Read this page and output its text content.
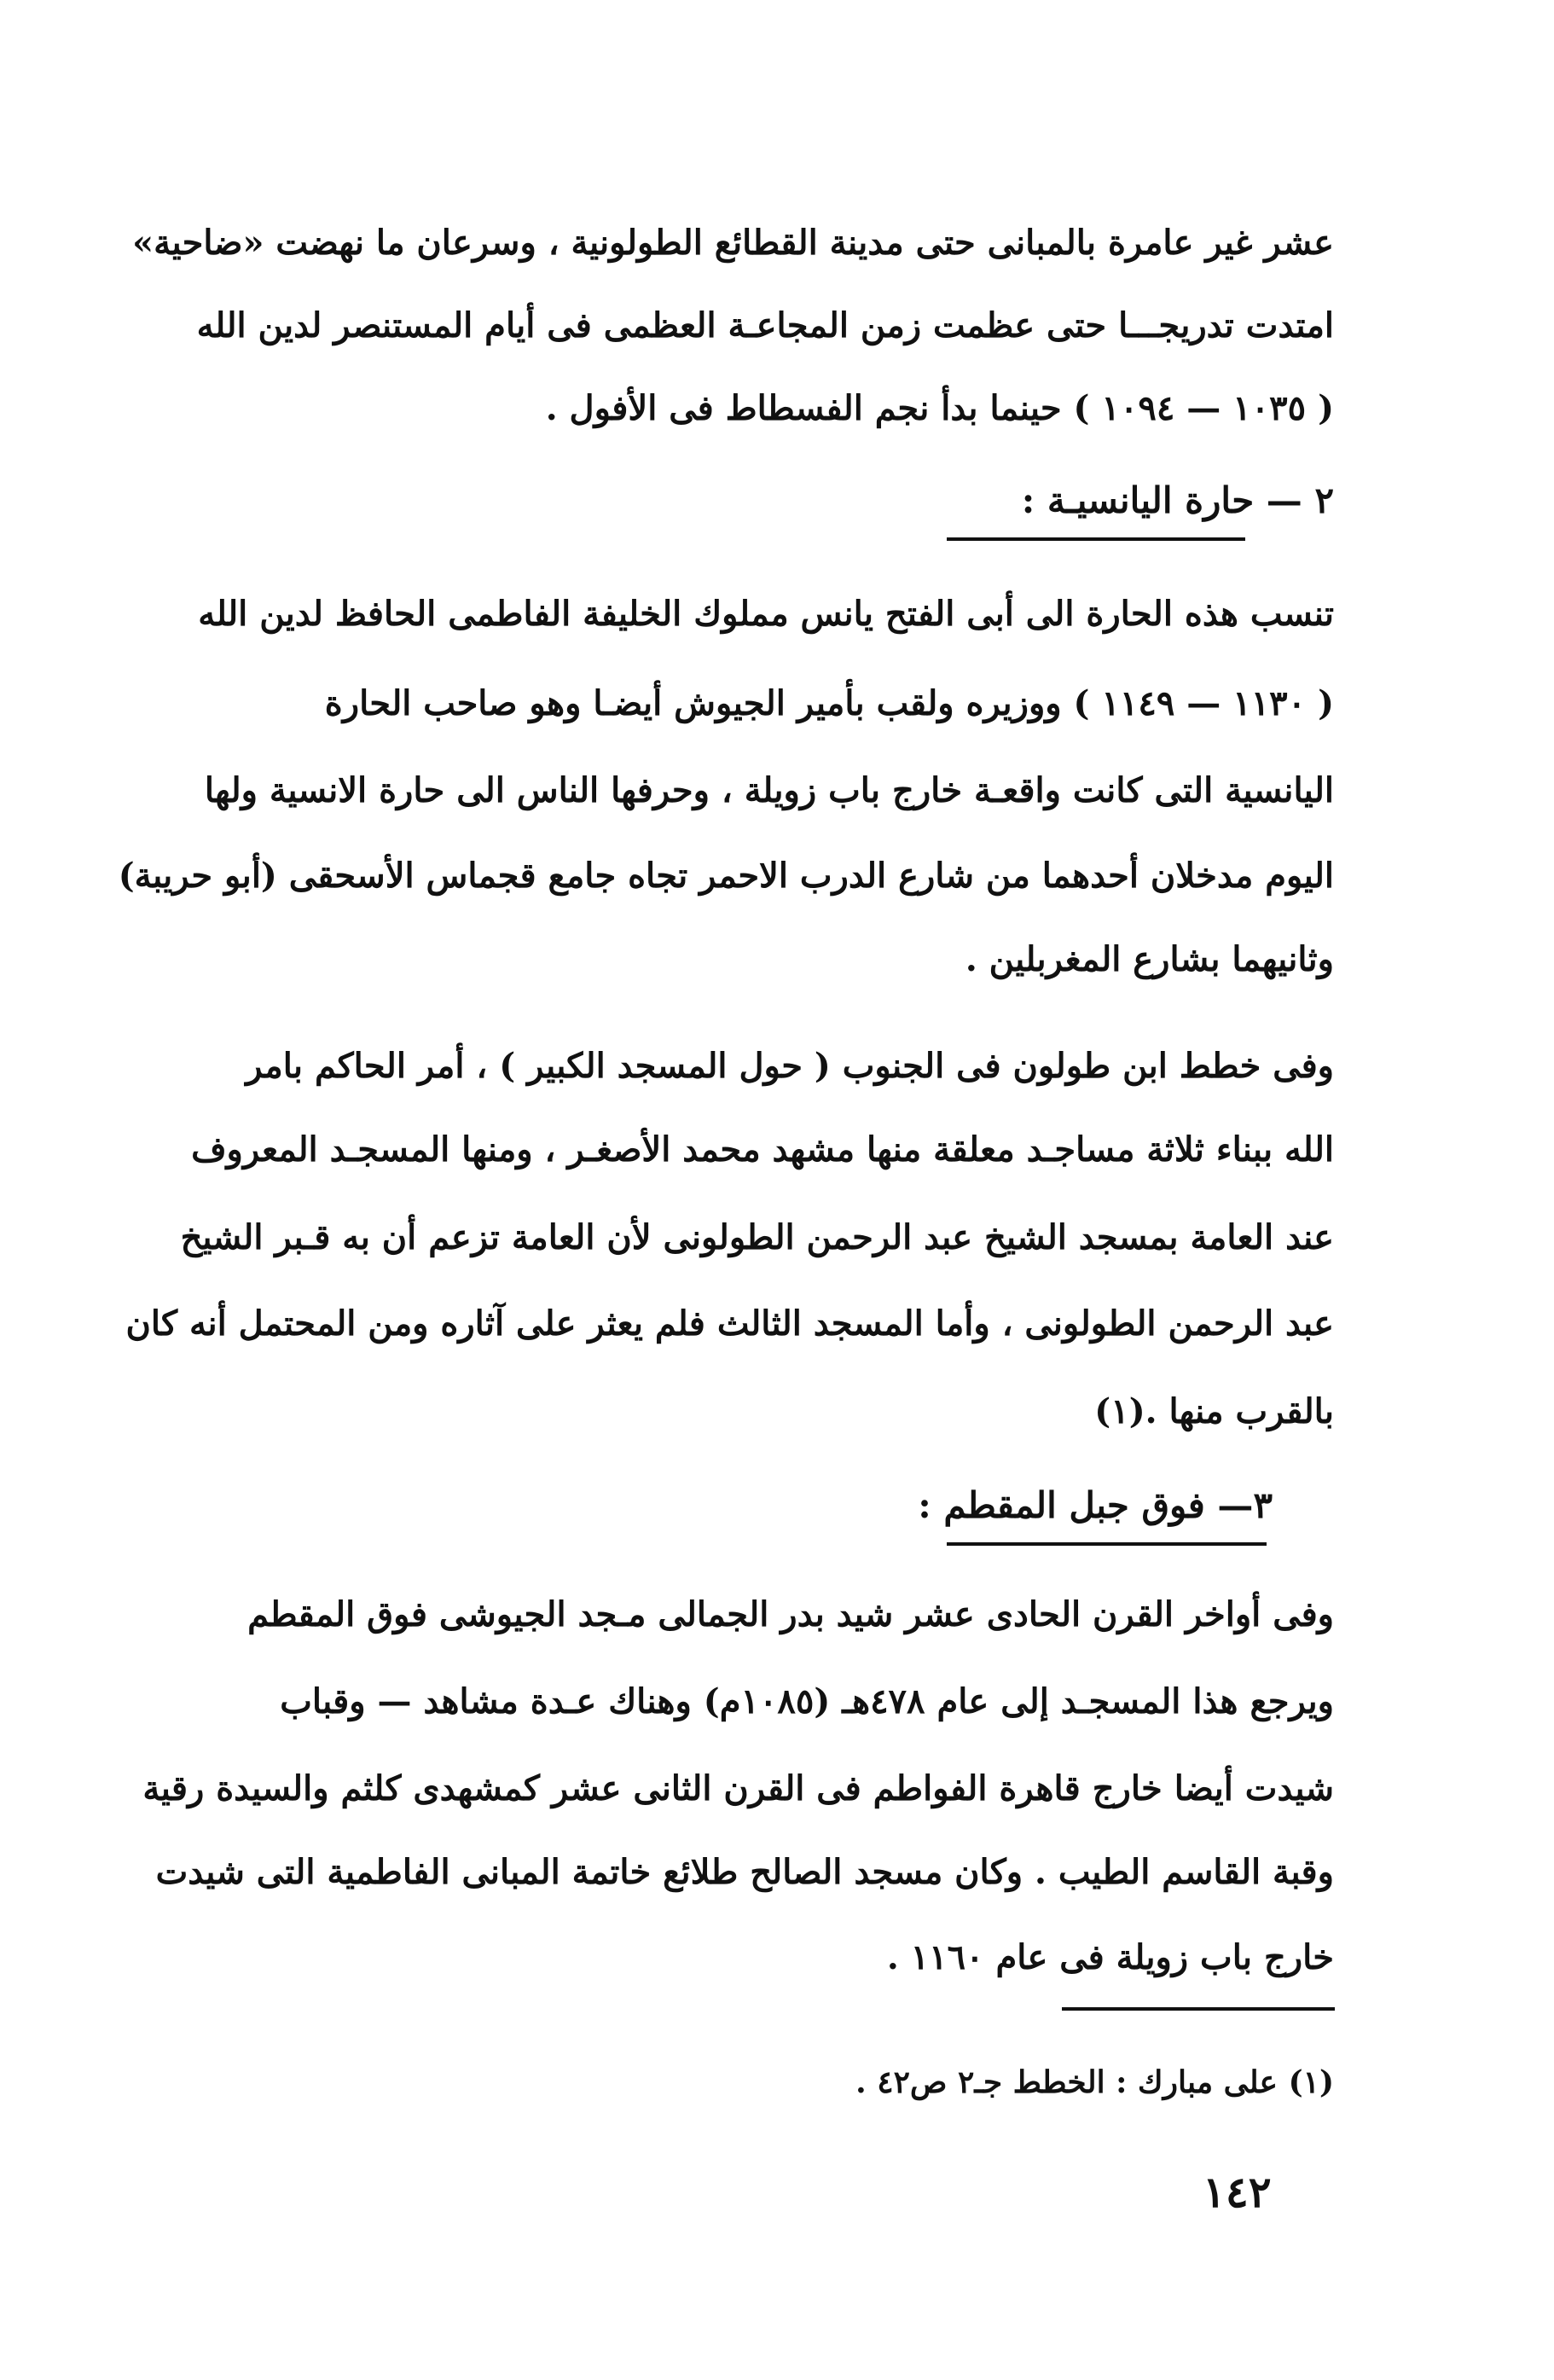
عشر غير عامرة بالمبانى حتى مدينة القطائع الطولونية ، وسرعان ما نهضت «ضاحية»
امتدت تدريجـــا حتى عظمت زمن المجاعـة العظمى فى أيام المستنصر لدين الله
( ١٠٣٥ — ١٠٩٤ ) حينما بدأ نجم الفسطاط فى الأفول .
٢ — حارة اليانسيـة :
تنسب هذه الحارة الى أبى الفتح يانس مملوك الخليفة الفاطمى الحافظ لدين الله
( ١١٣٠ — ١١٤٩ ) ووزيره ولقب بأمير الجيوش أيضـا وهو صاحب الحارة
اليانسية التى كانت واقعـة خارج باب زويلة ، وحرفها الناس الى حارة الانسية ولها
اليوم مدخلان أحدهما من شارع الدرب الاحمر تجاه جامع قجماس الأسحقى (أبو حريبة)
وثانيهما بشارع المغربلين .
وفى خطط ابن طولون فى الجنوب ( حول المسجد الكبير ) ، أمر الحاكم بامر
الله ببناء ثلاثة مساجـد معلقة منها مشهد محمد الأصغـر ، ومنها المسجـد المعروف
عند العامة بمسجد الشيخ عبد الرحمن الطولونى لأن العامة تزعم أن به قـبر الشيخ
عبد الرحمن الطولونى ، وأما المسجد الثالث فلم يعثر على آثاره ومن المحتمل أنه كان
بالقرب منها .(١)
٣— فوق جبل المقطم :
وفى أواخر القرن الحادى عشر شيد بدر الجمالى مـجد الجيوشى فوق المقطم
ويرجع هذا المسجـد إلى عام ٤٧٨هـ (١٠٨٥م) وهناك عـدة مشاهد — وقباب
شيدت أيضا خارج قاهرة الفواطم فى القرن الثانى عشر كمشهدى كلثم والسيدة رقية
وقبة القاسم الطيب . وكان مسجد الصالح طلائع خاتمة المبانى الفاطمية التى شيدت
خارج باب زويلة فى عام ١١٦٠ .
(١) على مبارك : الخطط جـ٢ ص٤٢ .
١٤٢
